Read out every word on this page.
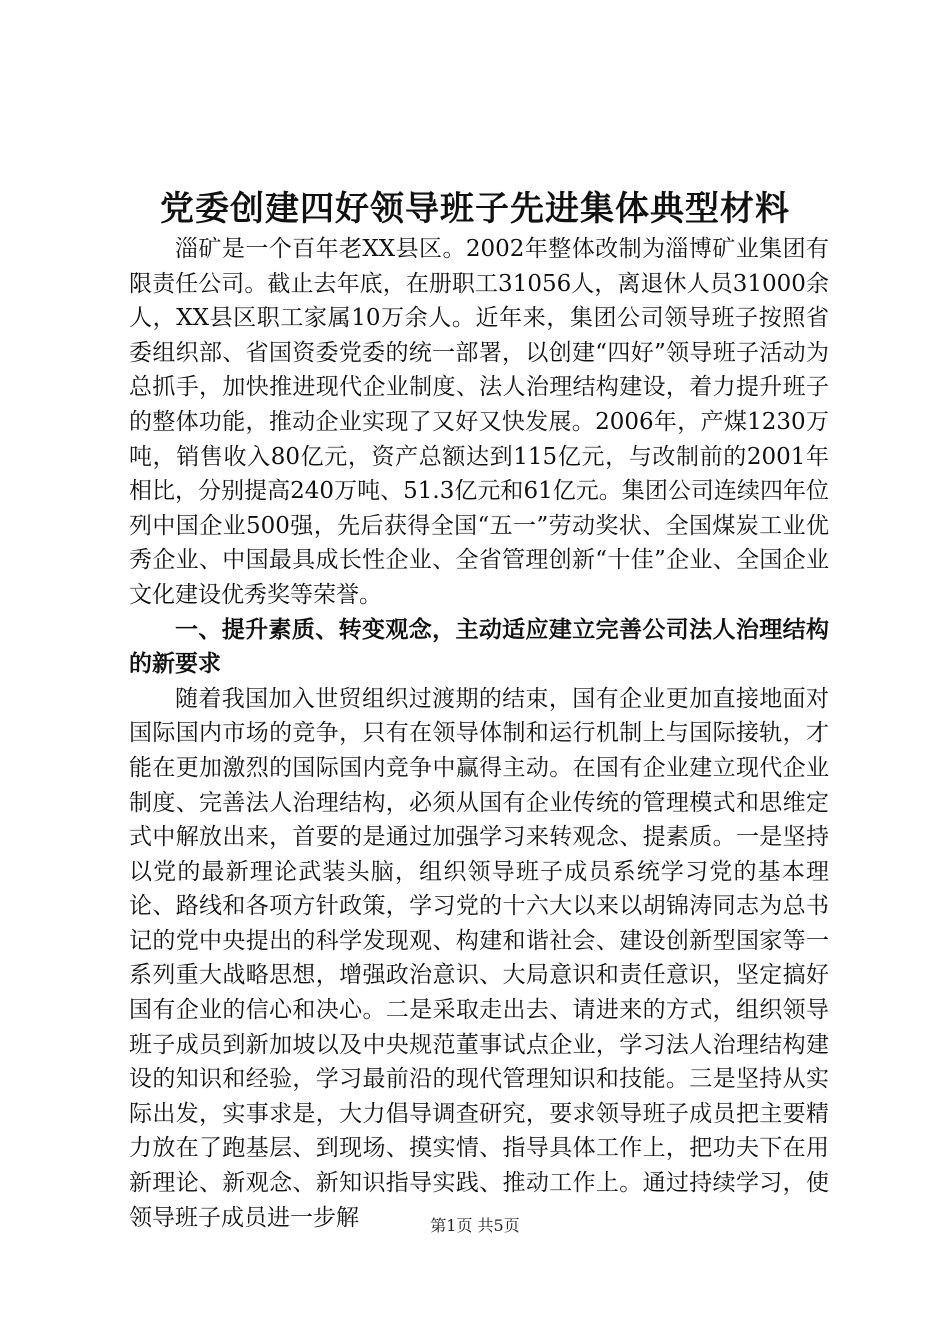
党委创建四好领导班子先进集体典型材料

淄矿是一个百年老XX县区。2002年整体改制为淄博矿业集团有限责任公司。截止去年底，在册职工31056人，离退休人员31000余人，XX县区职工家属10万余人。近年来，集团公司领导班子按照省委组织部、省国资委党委的统一部署，以创建“四好”领导班子活动为总抓手，加快推进现代企业制度、法人治理结构建设，着力提升班子的整体功能，推动企业实现了又好又快发展。2006年，产煤1230万吨，销售收入80亿元，资产总额达到115亿元，与改制前的2001年相比，分别提高240万吨、51.3亿元和61亿元。集团公司连续四年位列中国企业500强，先后获得全国“五一”劳动奖状、全国煤炭工业优秀企业、中国最具成长性企业、全省管理创新“十佳”企业、全国企业文化建设优秀奖等荣誉。

一、提升素质、转变观念，主动适应建立完善公司法人治理结构的新要求

随着我国加入世贸组织过渡期的结束，国有企业更加直接地面对国际国内市场的竞争，只有在领导体制和运行机制上与国际接轨，才能在更加激烈的国际国内竞争中赢得主动。在国有企业建立现代企业制度、完善法人治理结构，必须从国有企业传统的管理模式和思维定式中解放出来，首要的是通过加强学习来转观念、提素质。一是坚持以党的最新理论武装头脑，组织领导班子成员系统学习党的基本理论、路线和各项方针政策，学习党的十六大以来以胡锦涛同志为总书记的党中央提出的科学发现观、构建和谐社会、建设创新型国家等一系列重大战略思想，增强政治意识、大局意识和责任意识，坚定搞好国有企业的信心和决心。二是采取走出去、请进来的方式，组织领导班子成员到新加坡以及中央规范董事试点企业，学习法人治理结构建设的知识和经验，学习最前沿的现代管理知识和技能。三是坚持从实际出发，实事求是，大力倡导调查研究，要求领导班子成员把主要精力放在了跑基层、到现场、摸实情、指导具体工作上，把功夫下在用新理论、新观念、新知识指导实践、推动工作上。通过持续学习，使领导班子成员进一步解	第1页 共5页
